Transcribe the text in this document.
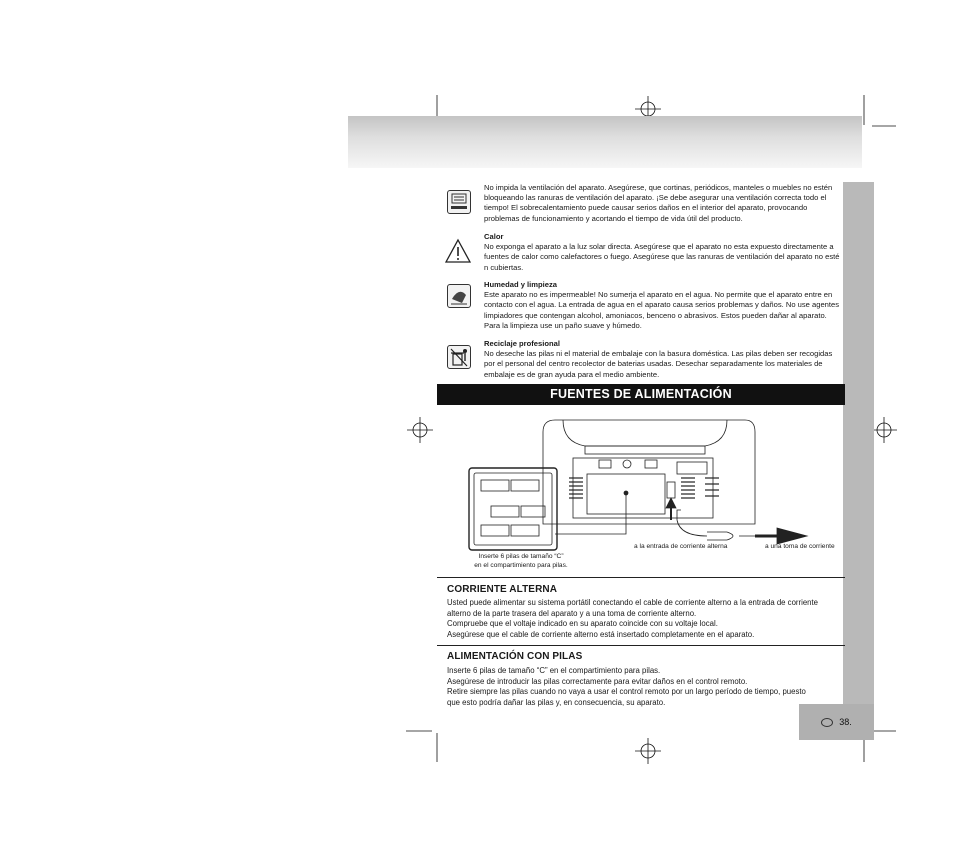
No impida la ventilación del aparato. Asegúrese, que cortinas, periódicos, manteles o muebles no estén bloqueando las ranuras de ventilación del aparato. ¡Se debe asegurar una ventilación correcta todo el tiempo! El sobrecalentamiento puede causar serios daños en el interior del aparato, provocando problemas de funcionamiento y acortando el tiempo de vida útil del producto.
Calor
No exponga el aparato a la luz solar directa. Asegúrese que el aparato no esta expuesto directamente a fuentes de calor como calefactores o fuego. Asegúrese que las ranuras de ventilación del aparato no esté n cubiertas.
Humedad y limpieza
Este aparato no es impermeable! No sumerja el aparato en el agua. No permite que el aparato entre en contacto con el agua. La entrada de agua en el aparato causa serios problemas y daños. No use agentes limpiadores que contengan alcohol, amoniacos, benceno o abrasivos. Estos pueden dañar al aparato. Para la limpieza use un paño suave y húmedo.
Reciclaje profesional
No deseche las pilas ni el material de embalaje con la basura doméstica. Las pilas deben ser recogidas por el personal del centro recolector de baterias usadas. Desechar separadamente los materiales de embalaje es de gran ayuda para el medio ambiente.
FUENTES DE ALIMENTACIÓN
Inserte 6 pilas de tamaño “C”
en el compartimiento para pilas.
a la entrada de corriente alterna	a una toma de corriente
CORRIENTE ALTERNA
Usted puede alimentar su sistema portátil conectando el cable de corriente alterno a la entrada de corriente
alterno de la parte trasera del aparato y a una toma de corriente alterno.
Compruebe que el voltaje indicado en su aparato coincide con su voltaje local.
Asegúrese que el cable de corriente alterno está insertado completamente en el aparato.
ALIMENTACIÓN CON PILAS
Inserte 6 pilas de tamaño “C” en el compartimiento para pilas.
Asegúrese de introducir las pilas correctamente para evitar daños en el control remoto.
Retire siempre las pilas cuando no vaya a usar el control remoto por un largo período de tiempo, puesto
que esto podría dañar las pilas y, en consecuencia, su aparato.
38.
